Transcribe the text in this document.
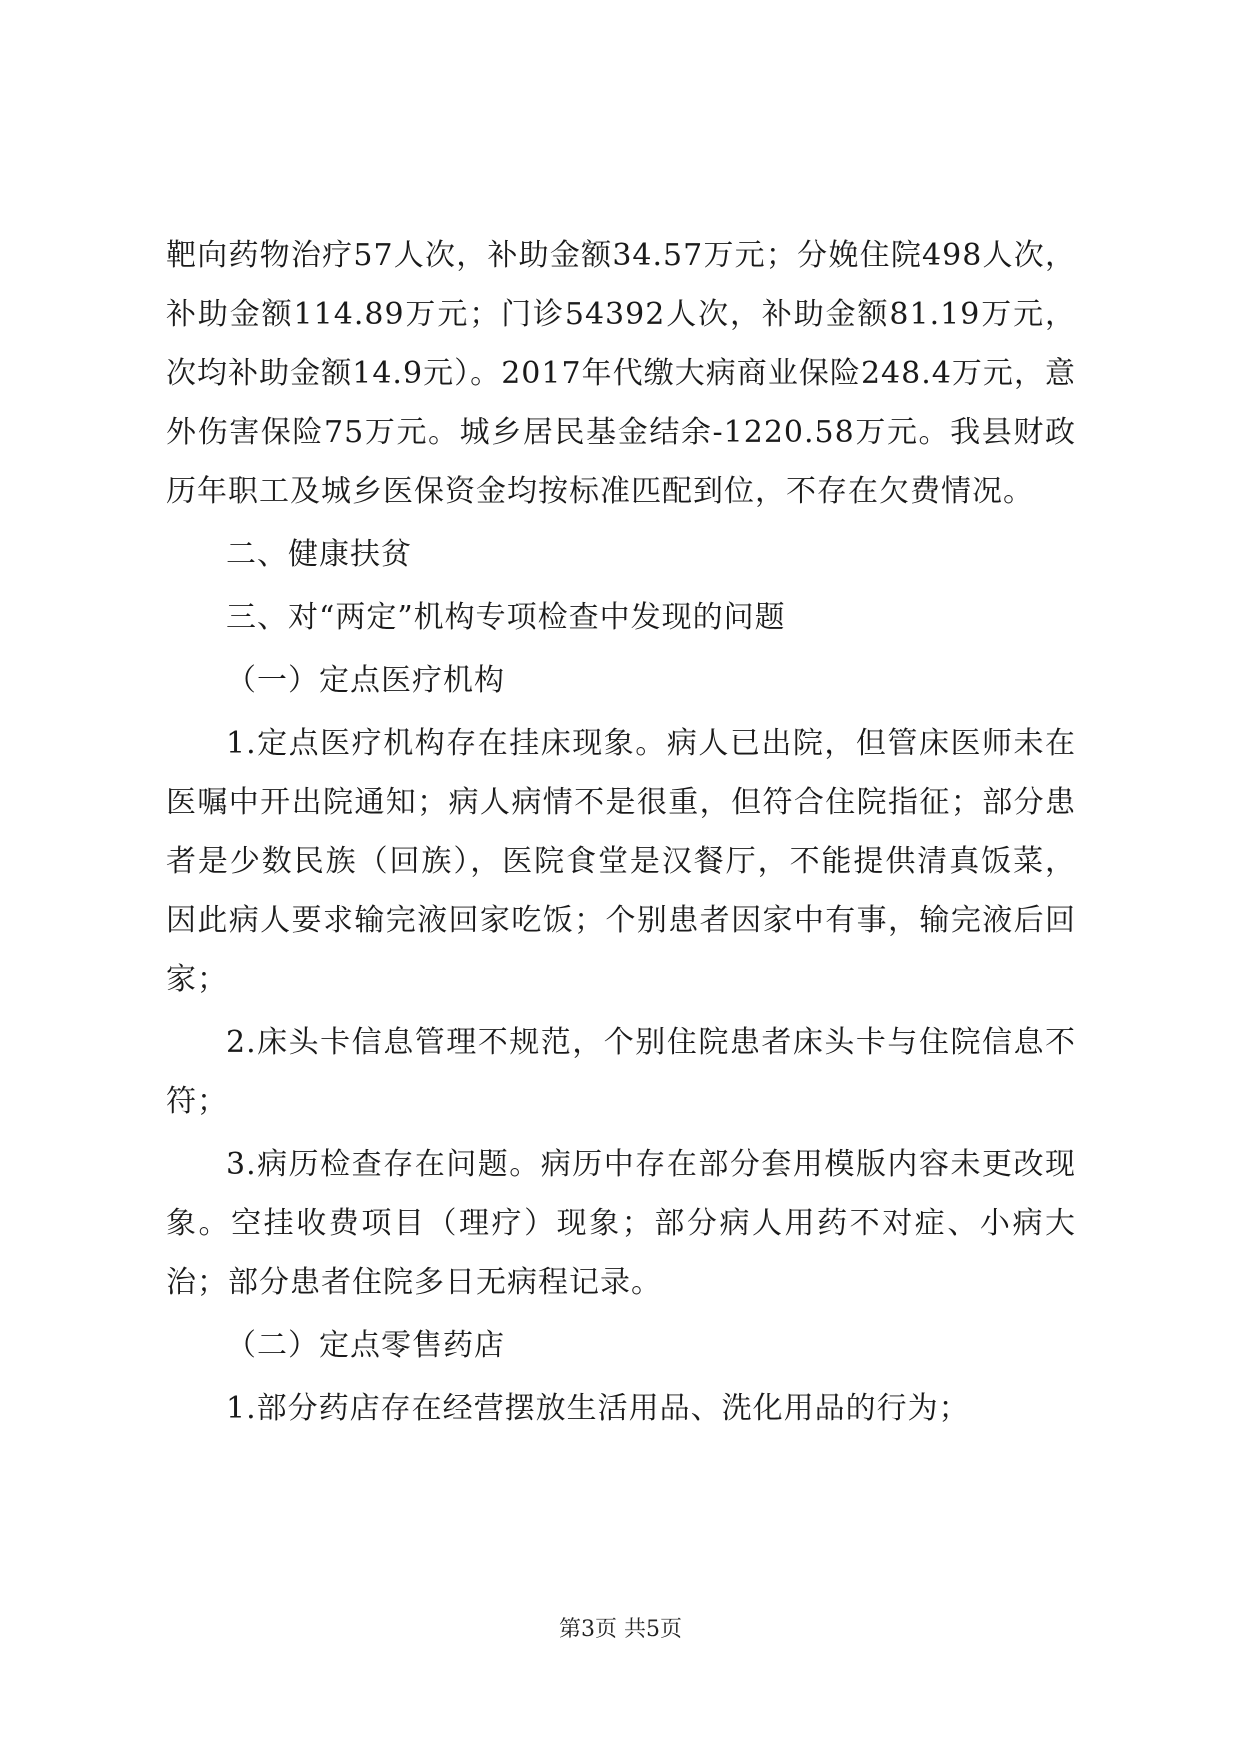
靶向药物治疗57人次，补助金额34.57万元；分娩住院498人次，补助金额114.89万元；门诊54392人次，补助金额81.19万元，次均补助金额14.9元）。2017年代缴大病商业保险248.4万元，意外伤害保险75万元。城乡居民基金结余-1220.58万元。我县财政历年职工及城乡医保资金均按标准匹配到位，不存在欠费情况。

二、健康扶贫

三、对“两定”机构专项检查中发现的问题

（一）定点医疗机构

1.定点医疗机构存在挂床现象。病人已出院，但管床医师未在医嘱中开出院通知；病人病情不是很重，但符合住院指征；部分患者是少数民族（回族），医院食堂是汉餐厅，不能提供清真饭菜，因此病人要求输完液回家吃饭；个别患者因家中有事，输完液后回家；

2.床头卡信息管理不规范，个别住院患者床头卡与住院信息不符；

3.病历检查存在问题。病历中存在部分套用模版内容未更改现象。空挂收费项目（理疗）现象；部分病人用药不对症、小病大治；部分患者住院多日无病程记录。

（二）定点零售药店

1.部分药店存在经营摆放生活用品、洗化用品的行为；

第3页 共5页
